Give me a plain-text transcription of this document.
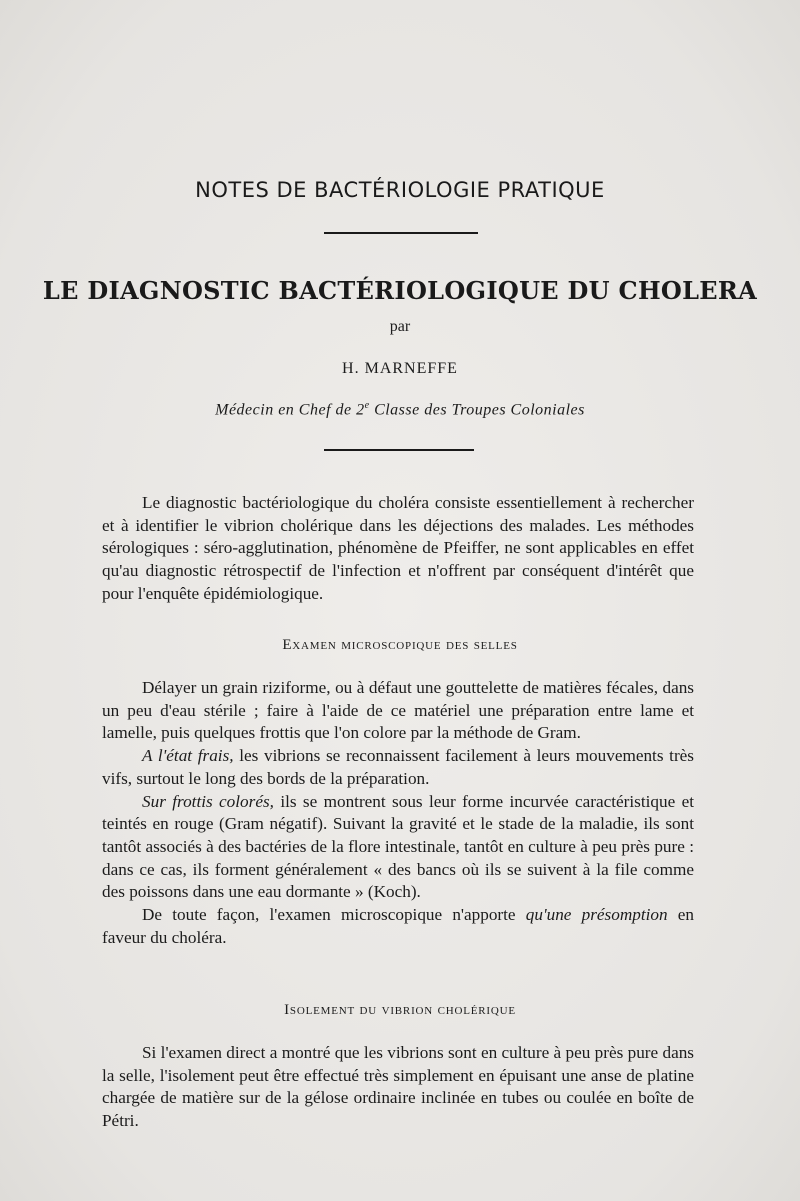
NOTES DE BACTÉRIOLOGIE PRATIQUE
LE DIAGNOSTIC BACTÉRIOLOGIQUE DU CHOLERA
par
H. MARNEFFE
Médecin en Chef de 2e Classe des Troupes Coloniales

Le diagnostic bactériologique du choléra consiste essentiellement à rechercher et à identifier le vibrion cholérique dans les déjections des malades. Les méthodes sérologiques : séro-agglutination, phénomène de Pfeiffer, ne sont applicables en effet qu'au diagnostic rétrospectif de l'infection et n'offrent par conséquent d'intérêt que pour l'enquête épidémiologique.

Examen microscopique des selles

Délayer un grain riziforme, ou à défaut une gouttelette de matières fécales, dans un peu d'eau stérile ; faire à l'aide de ce matériel une préparation entre lame et lamelle, puis quelques frottis que l'on colore par la méthode de Gram.

A l'état frais, les vibrions se reconnaissent facilement à leurs mouvements très vifs, surtout le long des bords de la préparation.

Sur frottis colorés, ils se montrent sous leur forme incurvée caractéristique et teintés en rouge (Gram négatif). Suivant la gravité et le stade de la maladie, ils sont tantôt associés à des bactéries de la flore intestinale, tantôt en culture à peu près pure : dans ce cas, ils forment généralement « des bancs où ils se suivent à la file comme des poissons dans une eau dormante » (Koch).

De toute façon, l'examen microscopique n'apporte qu'une présomption en faveur du choléra.

Isolement du vibrion cholérique

Si l'examen direct a montré que les vibrions sont en culture à peu près pure dans la selle, l'isolement peut être effectué très simplement en épuisant une anse de platine chargée de matière sur de la gélose ordinaire inclinée en tubes ou coulée en boîte de Pétri.
